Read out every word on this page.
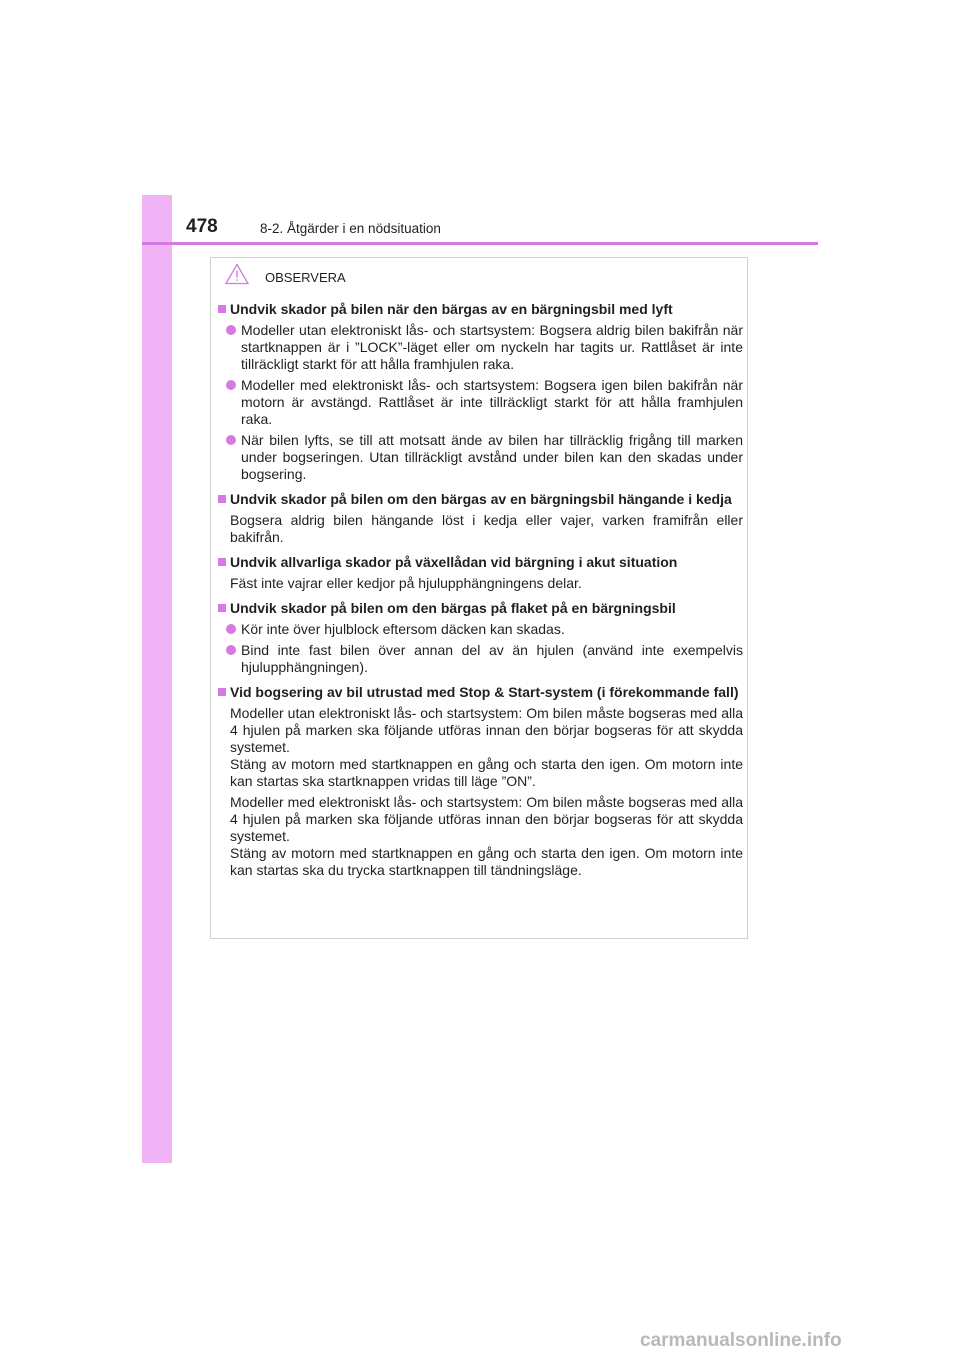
478	8-2. Åtgärder i en nödsituation
OBSERVERA
Undvik skador på bilen när den bärgas av en bärgningsbil med lyft
Modeller utan elektroniskt lås- och startsystem: Bogsera aldrig bilen bakifrån när startknappen är i ”LOCK”-läget eller om nyckeln har tagits ur. Rattlåset är inte tillräckligt starkt för att hålla framhjulen raka.
Modeller med elektroniskt lås- och startsystem: Bogsera igen bilen bakifrån när motorn är avstängd. Rattlåset är inte tillräckligt starkt för att hålla framhjulen raka.
När bilen lyfts, se till att motsatt ände av bilen har tillräcklig frigång till marken under bogseringen. Utan tillräckligt avstånd under bilen kan den skadas under bogsering.
Undvik skador på bilen om den bärgas av en bärgningsbil hängande i kedja
Bogsera aldrig bilen hängande löst i kedja eller vajer, varken framifrån eller bakifrån.
Undvik allvarliga skador på växellådan vid bärgning i akut situation
Fäst inte vajrar eller kedjor på hjulupphängningens delar.
Undvik skador på bilen om den bärgas på flaket på en bärgningsbil
Kör inte över hjulblock eftersom däcken kan skadas.
Bind inte fast bilen över annan del av än hjulen (använd inte exempelvis hjulupphängningen).
Vid bogsering av bil utrustad med Stop & Start-system (i förekommande fall)
Modeller utan elektroniskt lås- och startsystem: Om bilen måste bogseras med alla 4 hjulen på marken ska följande utföras innan den börjar bogseras för att skydda systemet.
Stäng av motorn med startknappen en gång och starta den igen. Om motorn inte kan startas ska startknappen vridas till läge ”ON”.
Modeller med elektroniskt lås- och startsystem: Om bilen måste bogseras med alla 4 hjulen på marken ska följande utföras innan den börjar bogseras för att skydda systemet.
Stäng av motorn med startknappen en gång och starta den igen. Om motorn inte kan startas ska du trycka startknappen till tändningsläge.
carmanualsonline.info
